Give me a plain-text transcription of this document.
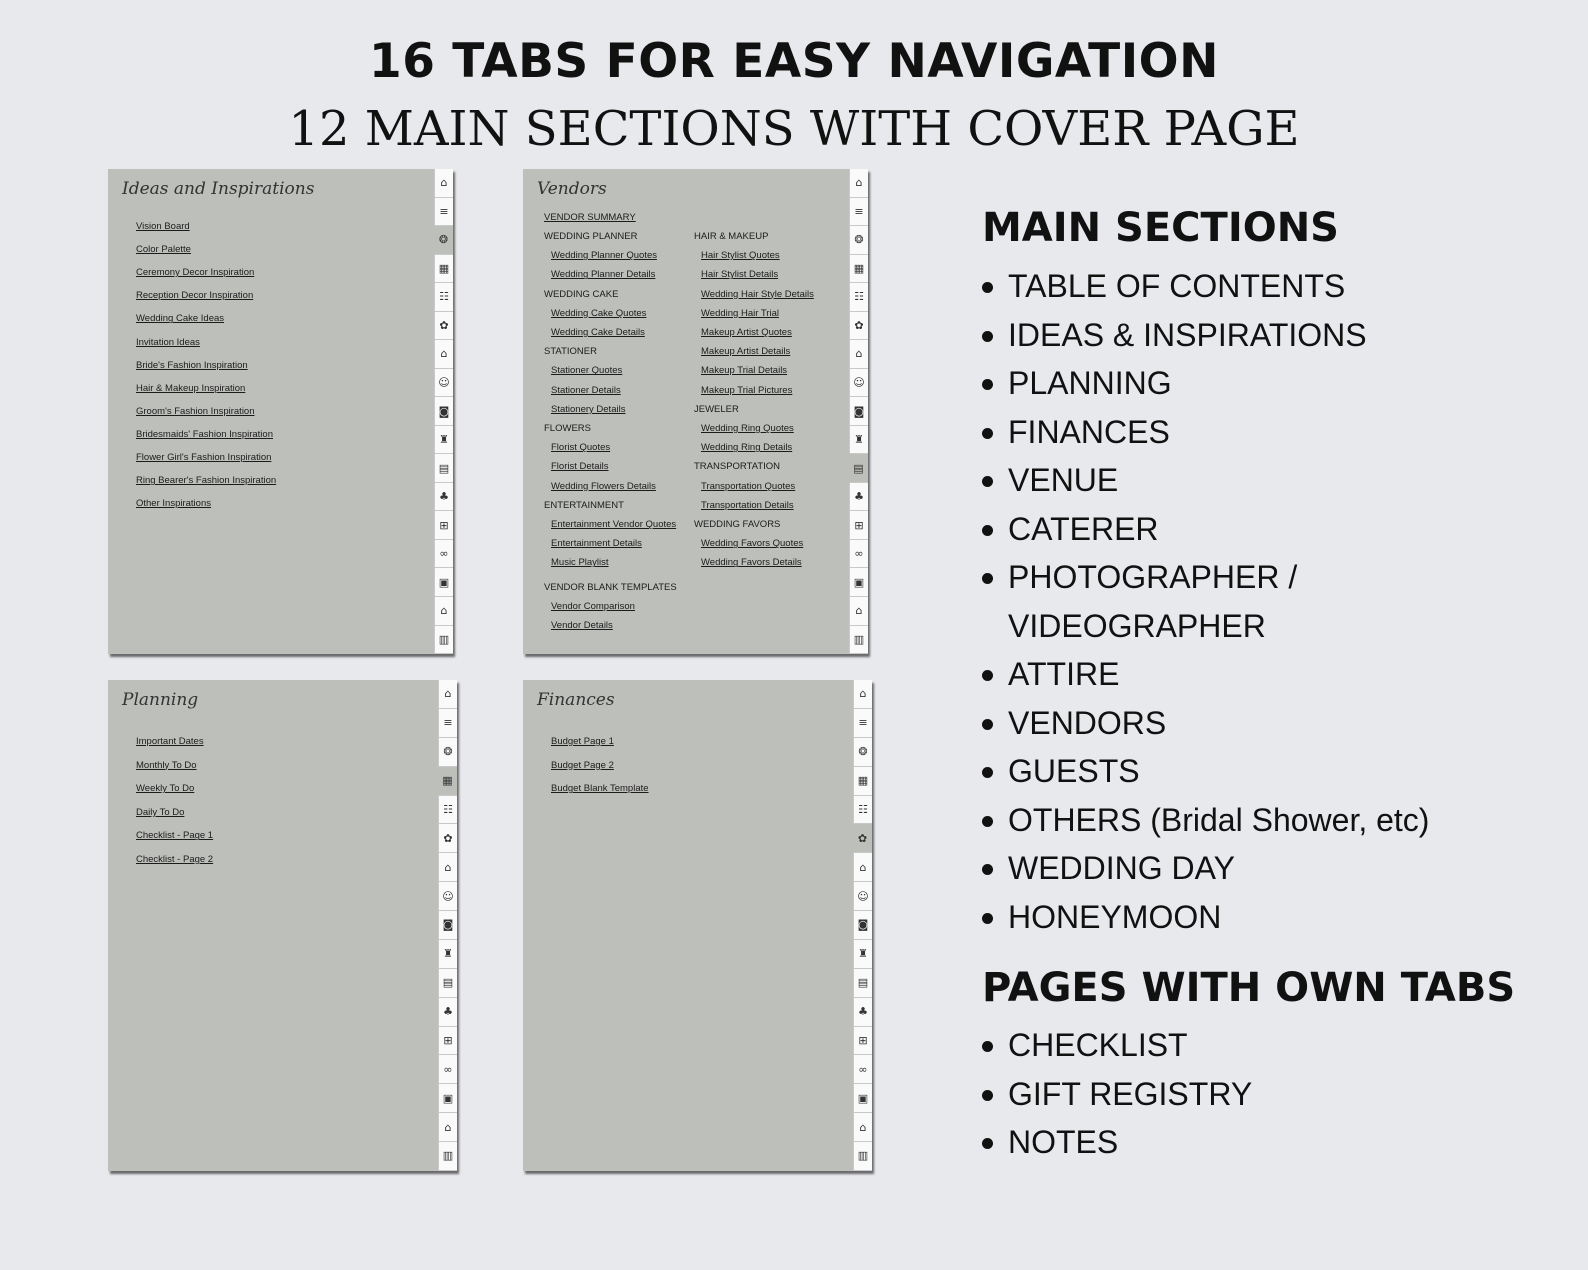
16 TABS FOR EASY NAVIGATION
12 MAIN SECTIONS WITH COVER PAGE
Ideas and Inspirations
Vision Board
Color Palette
Ceremony Decor Inspiration
Reception Decor Inspiration
Wedding Cake Ideas
Invitation Ideas
Bride's Fashion Inspiration
Hair & Makeup Inspiration
Groom's Fashion Inspiration
Bridesmaids' Fashion Inspiration
Flower Girl's Fashion Inspiration
Ring Bearer's Fashion Inspiration
Other Inspirations
⌂
≡
❂
▦
☷
✿
⌂
☺
◙
♜
▤
♣
⊞
∞
▣
⌂
▥
Vendors
VENDOR SUMMARY
WEDDING PLANNER
Wedding Planner Quotes
Wedding Planner Details
WEDDING CAKE
Wedding Cake Quotes
Wedding Cake Details
STATIONER
Stationer Quotes
Stationer Details
Stationery Details
FLOWERS
Florist Quotes
Florist Details
Wedding Flowers Details
ENTERTAINMENT
Entertainment Vendor Quotes
Entertainment Details
Music Playlist
HAIR & MAKEUP
Hair Stylist Quotes
Hair Stylist Details
Wedding Hair Style Details
Wedding Hair Trial
Makeup Artist Quotes
Makeup Artist Details
Makeup Trial Details
Makeup Trial Pictures
JEWELER
Wedding Ring Quotes
Wedding Ring Details
TRANSPORTATION
Transportation Quotes
Transportation Details
WEDDING FAVORS
Wedding Favors Quotes
Wedding Favors Details
VENDOR BLANK TEMPLATES
Vendor Comparison
Vendor Details
⌂
≡
❂
▦
☷
✿
⌂
☺
◙
♜
▤
♣
⊞
∞
▣
⌂
▥
Planning
Important Dates
Monthly To Do
Weekly To Do
Daily To Do
Checklist - Page 1
Checklist - Page 2
⌂
≡
❂
▦
☷
✿
⌂
☺
◙
♜
▤
♣
⊞
∞
▣
⌂
▥
Finances
Budget Page 1
Budget Page 2
Budget Blank Template
⌂
≡
❂
▦
☷
✿
⌂
☺
◙
♜
▤
♣
⊞
∞
▣
⌂
▥
MAIN SECTIONS
TABLE OF CONTENTS
IDEAS & INSPIRATIONS
PLANNING
FINANCES
VENUE
CATERER
PHOTOGRAPHER /
VIDEOGRAPHER
ATTIRE
VENDORS
GUESTS
OTHERS (Bridal Shower, etc)
WEDDING DAY
HONEYMOON
PAGES WITH OWN TABS
CHECKLIST
GIFT REGISTRY
NOTES
